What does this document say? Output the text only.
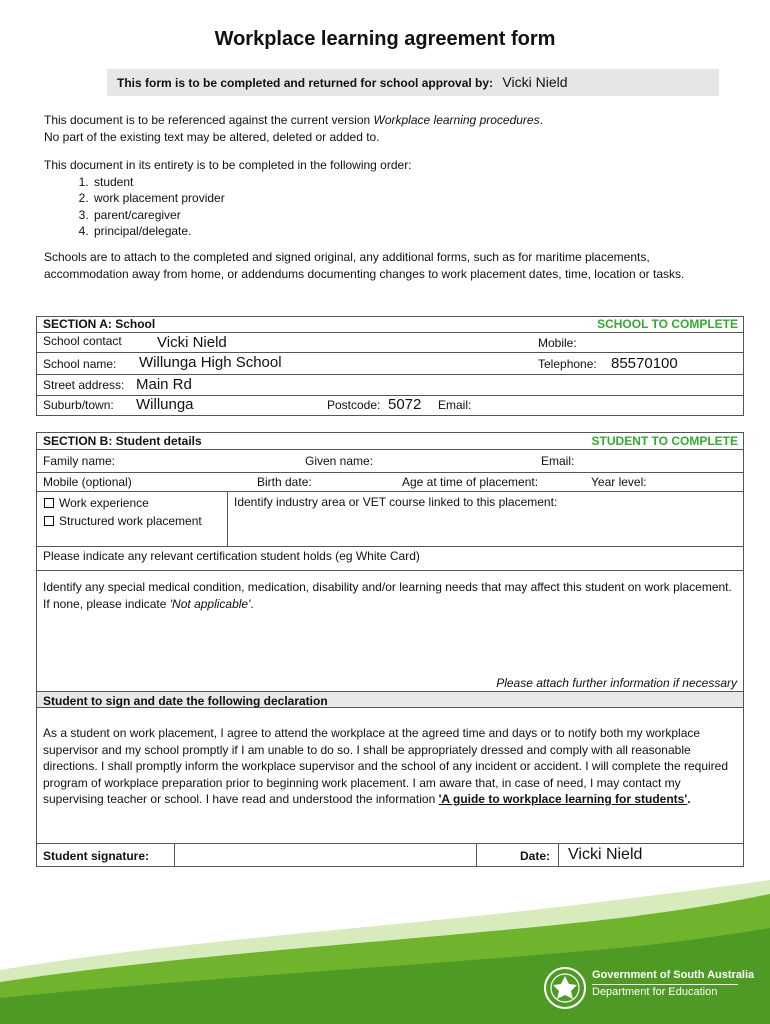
Workplace learning agreement form
This form is to be completed and returned for school approval by: Vicki Nield
This document is to be referenced against the current version Workplace learning procedures.
No part of the existing text may be altered, deleted or added to.
This document in its entirety is to be completed in the following order:
1. student
2. work placement provider
3. parent/caregiver
4. principal/delegate.
Schools are to attach to the completed and signed original, any additional forms, such as for maritime placements, accommodation away from home, or addendums documenting changes to work placement dates, time, location or tasks.
SECTION A: School	SCHOOL TO COMPLETE
School contact Vicki Nield	Mobile:
School name: Willunga High School	Telephone: 85570100
Street address: Main Rd
Suburb/town: Willunga	Postcode: 5072 Email:
SECTION B: Student details	STUDENT TO COMPLETE
Family name:	Given name:	Email:
Mobile (optional)	Birth date:	Age at time of placement:	Year level:
Work experience
Structured work placement
Identify industry area or VET course linked to this placement:
Please indicate any relevant certification student holds (eg White Card)
Identify any special medical condition, medication, disability and/or learning needs that may affect this student on work placement. If none, please indicate 'Not applicable'.
Please attach further information if necessary
Student to sign and date the following declaration
As a student on work placement, I agree to attend the workplace at the agreed time and days or to notify both my workplace supervisor and my school promptly if I am unable to do so. I shall be appropriately dressed and comply with all reasonable directions. I shall promptly inform the workplace supervisor and the school of any incident or accident. I will complete the required program of workplace preparation prior to beginning work placement. I am aware that, in case of need, I may contact my supervising teacher or school. I have read and understood the information 'A guide to workplace learning for students'.
Student signature:	Date: Vicki Nield
Government of South Australia
Department for Education
